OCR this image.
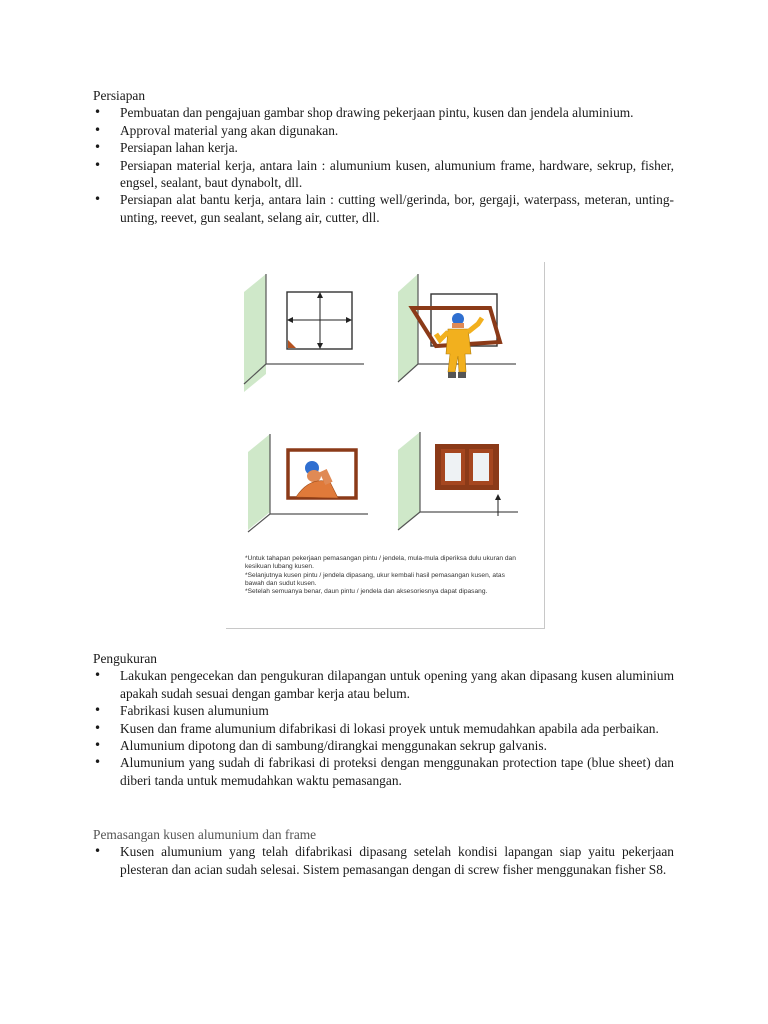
Persiapan

• Pembuatan dan pengajuan gambar shop drawing pekerjaan pintu, kusen dan jendela aluminium.
• Approval material yang akan digunakan.
• Persiapan lahan kerja.
• Persiapan material kerja, antara lain : alumunium kusen, alumunium frame, hardware, sekrup, fisher, engsel, sealant, baut dynabolt, dll.
• Persiapan alat bantu kerja, antara lain : cutting well/gerinda, bor, gergaji, waterpass, meteran, unting-unting, reevet, gun sealant, selang air, cutter, dll.

*Untuk tahapan pekerjaan pemasangan pintu / jendela, mula-mula diperiksa dulu ukuran dan kesikuan lubang kusen.

*Selanjutnya kusen pintu / jendela dipasang, ukur kembali hasil pemasangan kusen, atas bawah dan sudut kusen.

*Setelah semuanya benar, daun pintu / jendela dan aksesoriesnya dapat dipasang.

Pengukuran

• Lakukan pengecekan dan pengukuran dilapangan untuk opening yang akan dipasang kusen aluminium apakah sudah sesuai dengan gambar kerja atau belum.
• Fabrikasi kusen alumunium
• Kusen dan frame alumunium difabrikasi di lokasi proyek untuk memudahkan apabila ada perbaikan.
• Alumunium dipotong dan di sambung/dirangkai menggunakan sekrup galvanis.
• Alumunium yang sudah di fabrikasi di proteksi dengan menggunakan protection tape (blue sheet) dan diberi tanda untuk memudahkan waktu pemasangan.

Pemasangan kusen alumunium dan frame

• Kusen alumunium yang telah difabrikasi dipasang setelah kondisi lapangan siap yaitu pekerjaan plesteran dan acian sudah selesai. Sistem pemasangan dengan di screw fisher menggunakan fisher S8.
